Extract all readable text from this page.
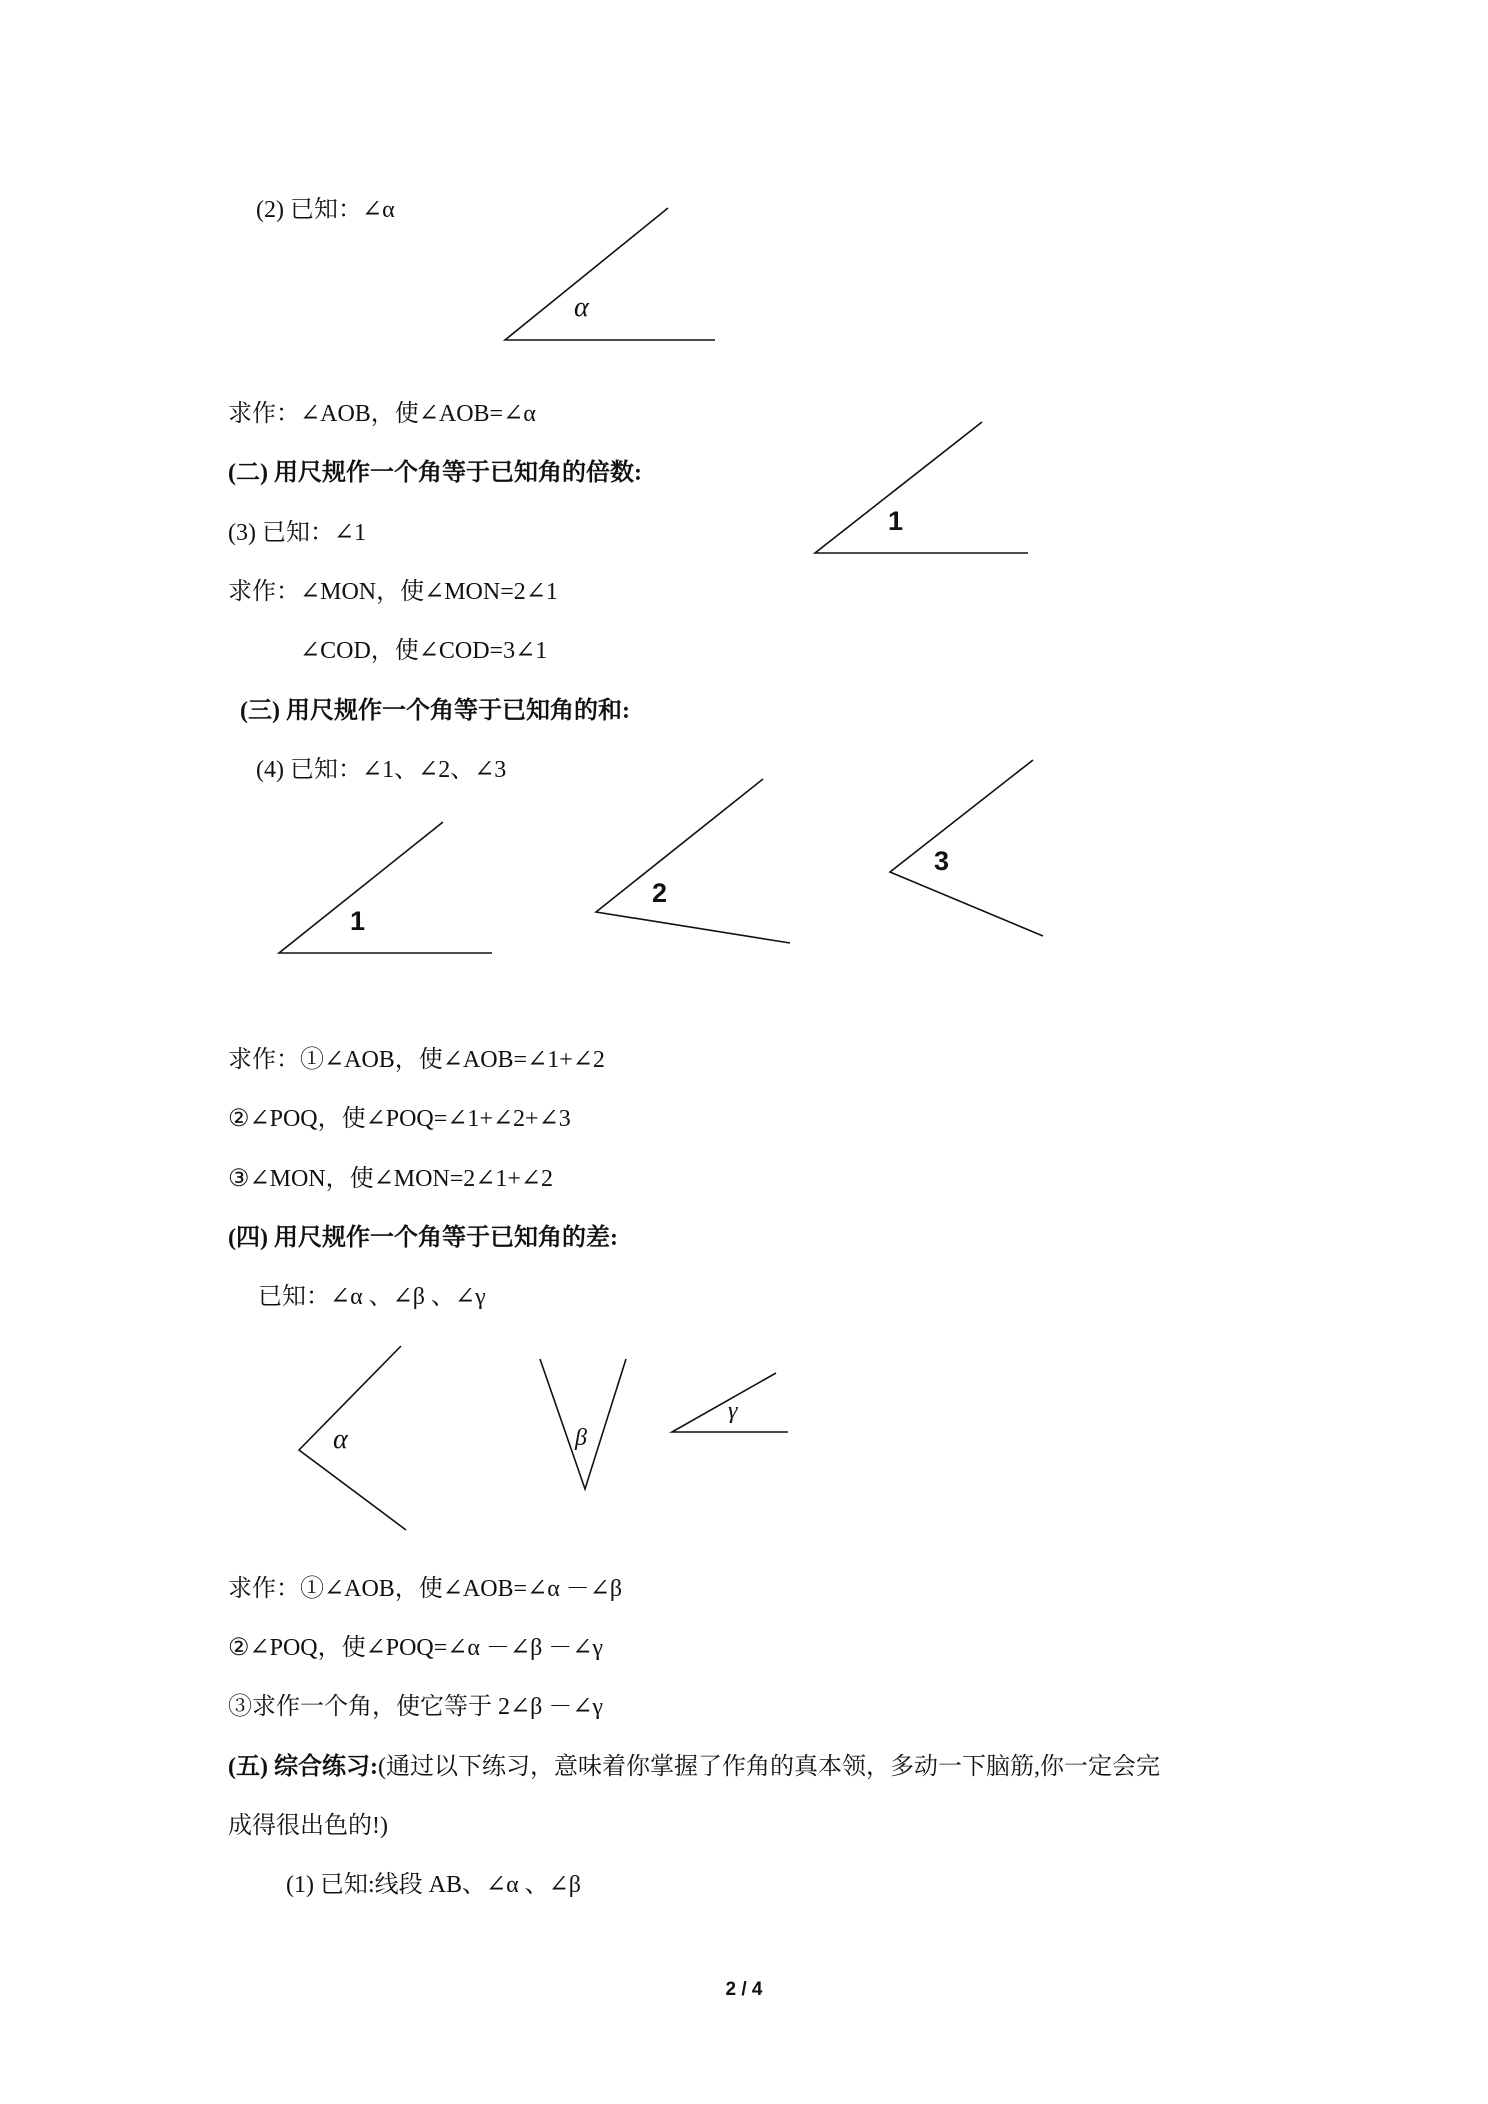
(2) 已知：∠α
求作：∠AOB，使∠AOB=∠α
(二) 用尺规作一个角等于已知角的倍数:
(3) 已知：∠1
求作：∠MON，使∠MON=2∠1
∠COD，使∠COD=3∠1
(三) 用尺规作一个角等于已知角的和:
(4) 已知：∠1、∠2、∠3
求作：①∠AOB，使∠AOB=∠1+∠2
②∠POQ，使∠POQ=∠1+∠2+∠3
③∠MON，使∠MON=2∠1+∠2
(四) 用尺规作一个角等于已知角的差:
已知：∠α 、∠β 、∠γ
求作：①∠AOB，使∠AOB=∠α －∠β
②∠POQ，使∠POQ=∠α －∠β －∠γ
③求作一个角，使它等于 2∠β －∠γ
(五) 综合练习:(通过以下练习，意味着你掌握了作角的真本领，多动一下脑筋,你一定会完
成得很出色的!)
(1) 已知:线段 AB、∠α 、∠β
α
1
1
2
3
α	β
γ
2 / 4
